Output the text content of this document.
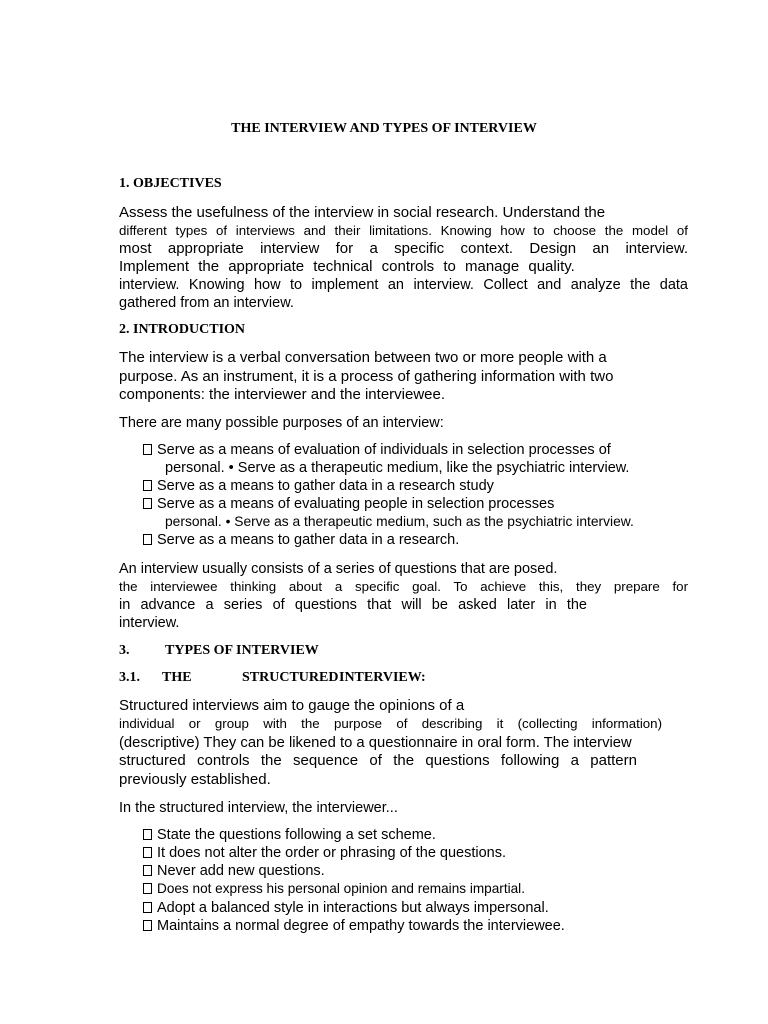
THE INTERVIEW AND TYPES OF INTERVIEW
1. OBJECTIVES
Assess the usefulness of the interview in social research. Understand the
different types of interviews and their limitations. Knowing how to choose the model of
most appropriate interview for a specific context. Design an interview.
Implement the appropriate technical controls to manage quality.
interview. Knowing how to implement an interview. Collect and analyze the data
gathered from an interview.
2. INTRODUCTION
The interview is a verbal conversation between two or more people with a
purpose. As an instrument, it is a process of gathering information with two
components: the interviewer and the interviewee.
There are many possible purposes of an interview:
Serve as a means of evaluation of individuals in selection processes of
personal. • Serve as a therapeutic medium, like the psychiatric interview.
Serve as a means to gather data in a research study
Serve as a means of evaluating people in selection processes
personal. • Serve as a therapeutic medium, such as the psychiatric interview.
Serve as a means to gather data in a research.
An interview usually consists of a series of questions that are posed.
the interviewee thinking about a specific goal. To achieve this, they prepare for
in advance a series of questions that will be asked later in the
interview.
3.	TYPES OF INTERVIEW
3.1. THE	STRUCTURED INTERVIEW:
Structured interviews aim to gauge the opinions of a
individual or group with the purpose of describing it (collecting information)
(descriptive) They can be likened to a questionnaire in oral form. The interview
structured controls the sequence of the questions following a pattern
previously established.
In the structured interview, the interviewer...
State the questions following a set scheme.
It does not alter the order or phrasing of the questions.
Never add new questions.
Does not express his personal opinion and remains impartial.
Adopt a balanced style in interactions but always impersonal.
Maintains a normal degree of empathy towards the interviewee.
